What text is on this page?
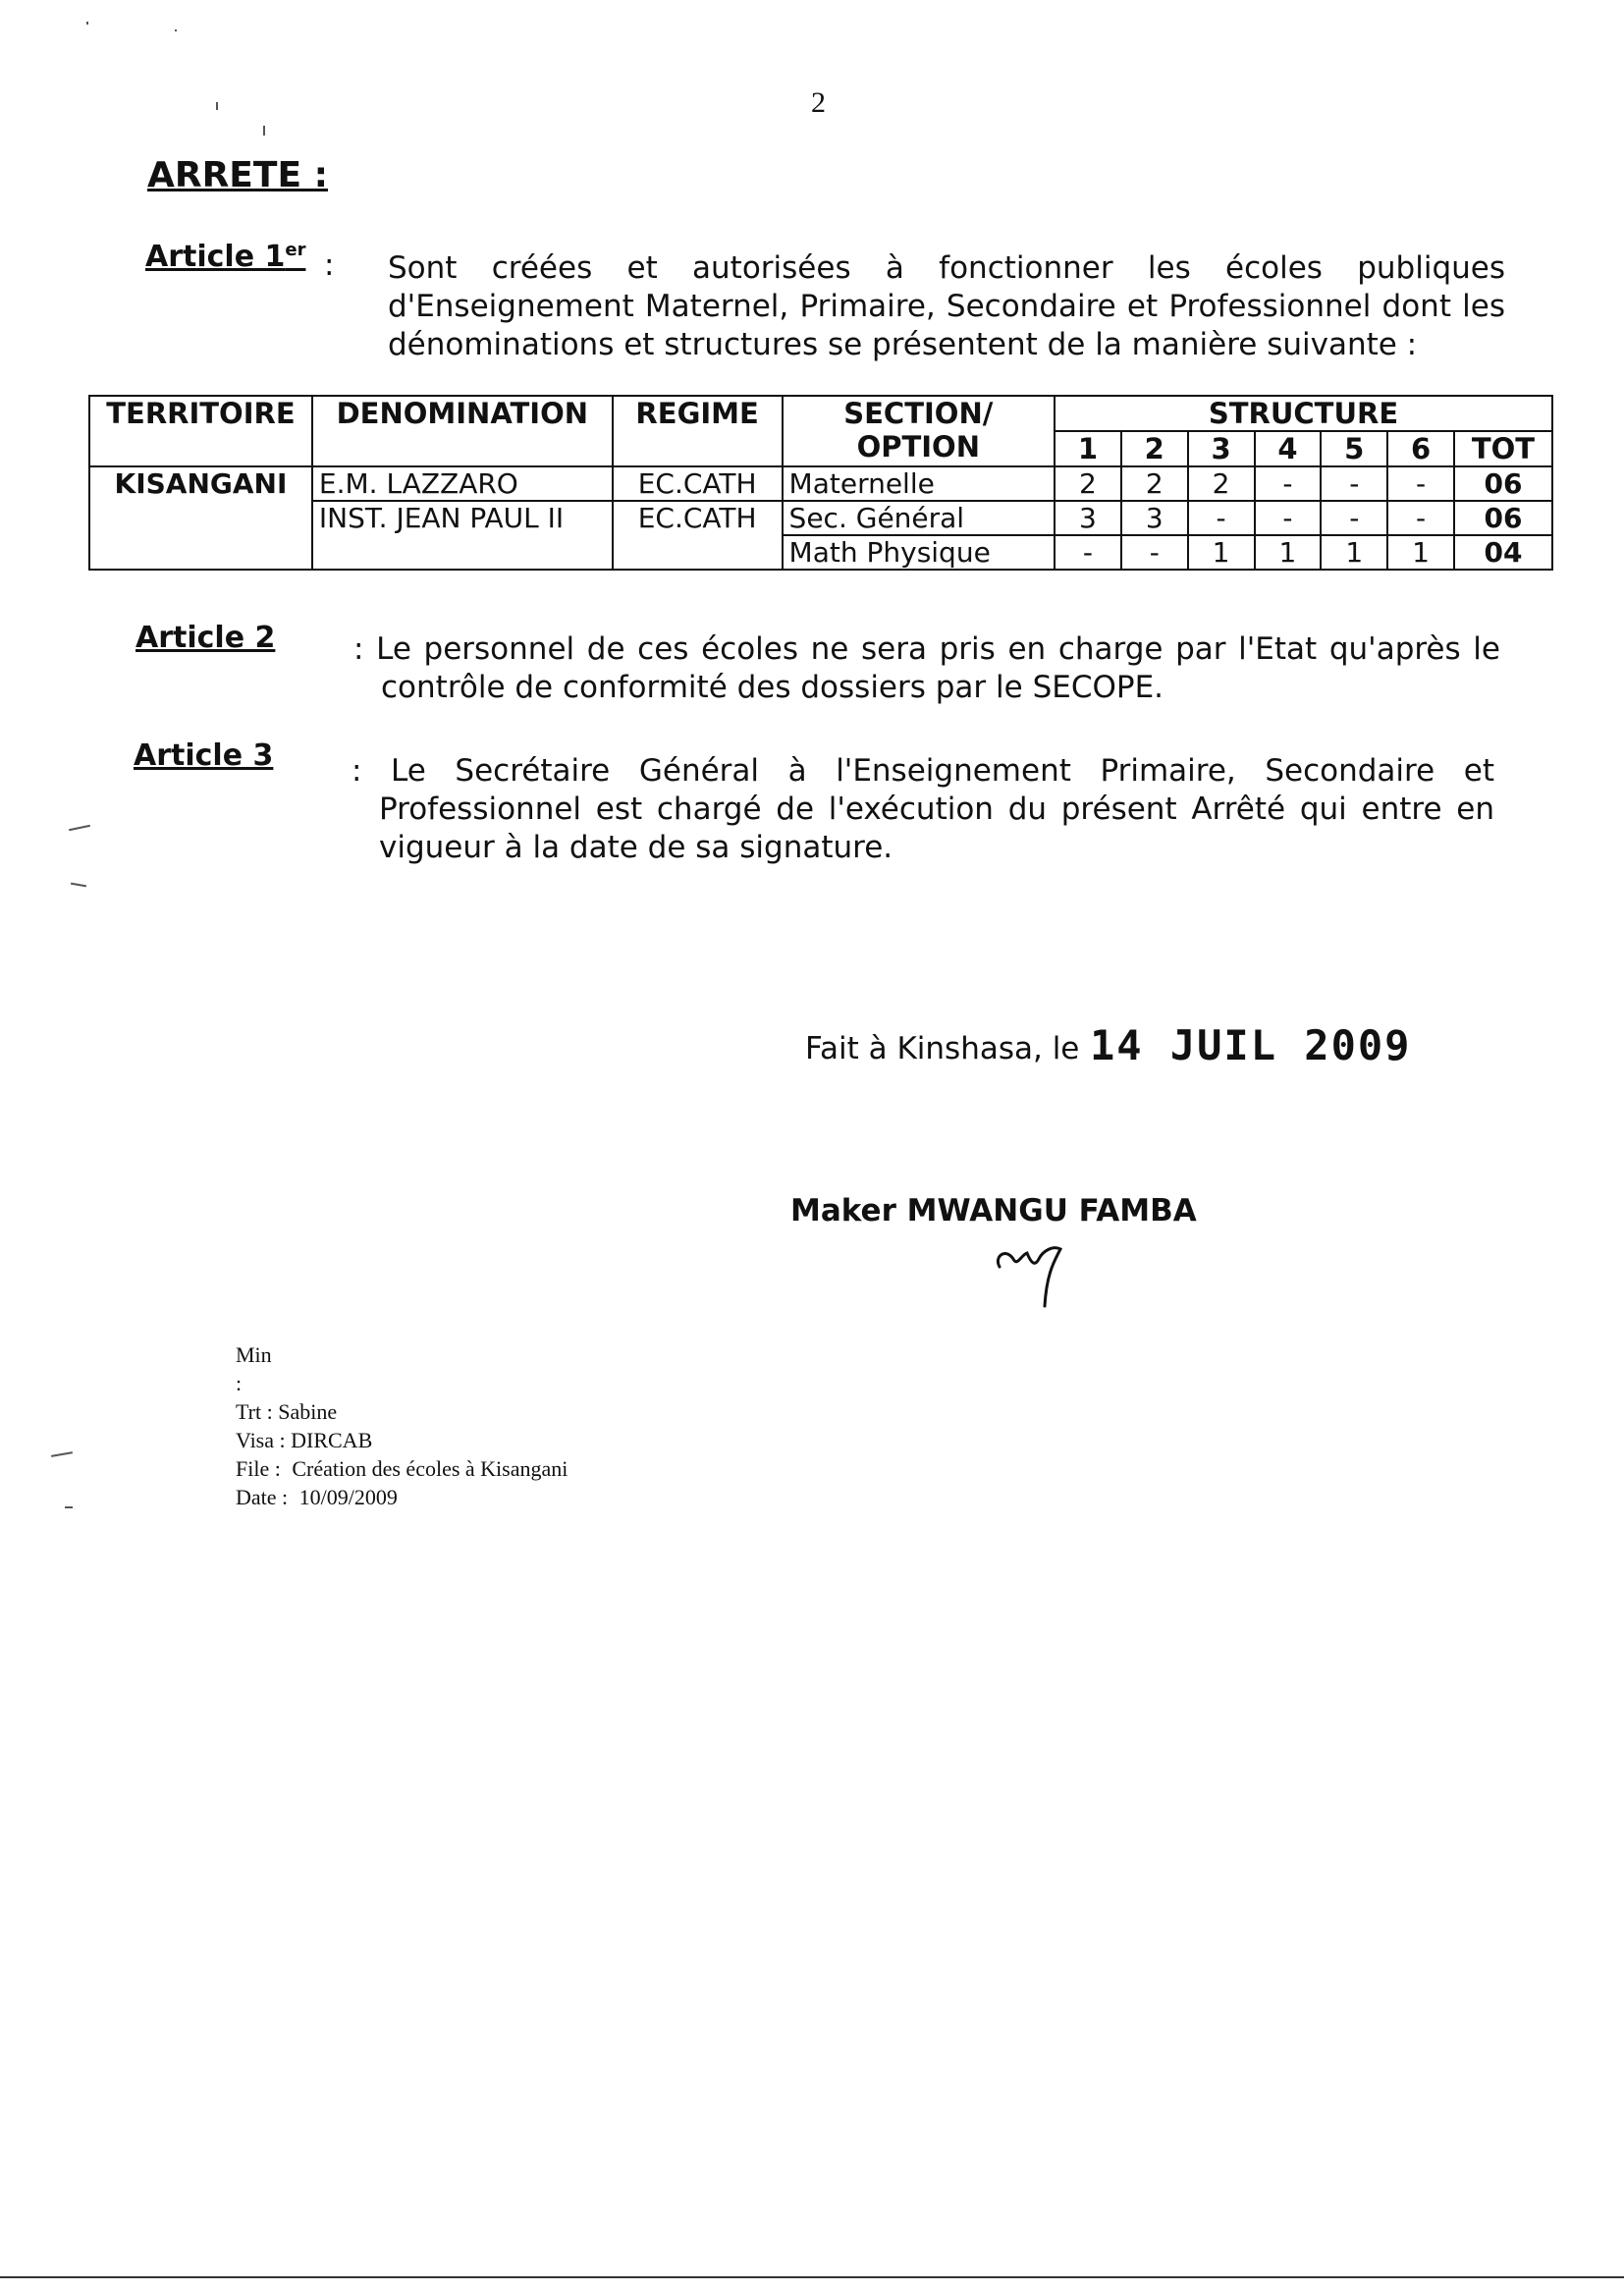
2
ARRETE :
Article 1er : Sont créées et autorisées à fonctionner les écoles publiques
d'Enseignement Maternel, Primaire, Secondaire et Professionnel dont les
dénominations et structures se présentent de la manière suivante :
TERRITOIRE	DENOMINATION	REGIME	SECTION/ OPTION	STRUCTURE						
				1	2	3	4	5	6	TOT
KISANGANI	E.M. LAZZARO	EC.CATH	Maternelle	2	2	2	-	-	-	06
	INST. JEAN PAUL II	EC.CATH	Sec. Général	3	3	-	-	-	-	06
			Math Physique	-	-	1	1	1	1	04
Article 2	: Le personnel de ces écoles ne sera pris en charge par l'Etat qu'après le
contrôle de conformité des dossiers par le SECOPE.
Article 3	: Le Secrétaire Général à l'Enseignement Primaire, Secondaire et
Professionnel est chargé de l'exécution du présent Arrêté qui entre en
vigueur à la date de sa signature.
Fait à Kinshasa, le 14 JUIL 2009
Maker MWANGU FAMBA
Min :
Trt : Sabine
Visa : DIRCAB
File : Création des écoles à Kisangani
Date : 10/09/2009
